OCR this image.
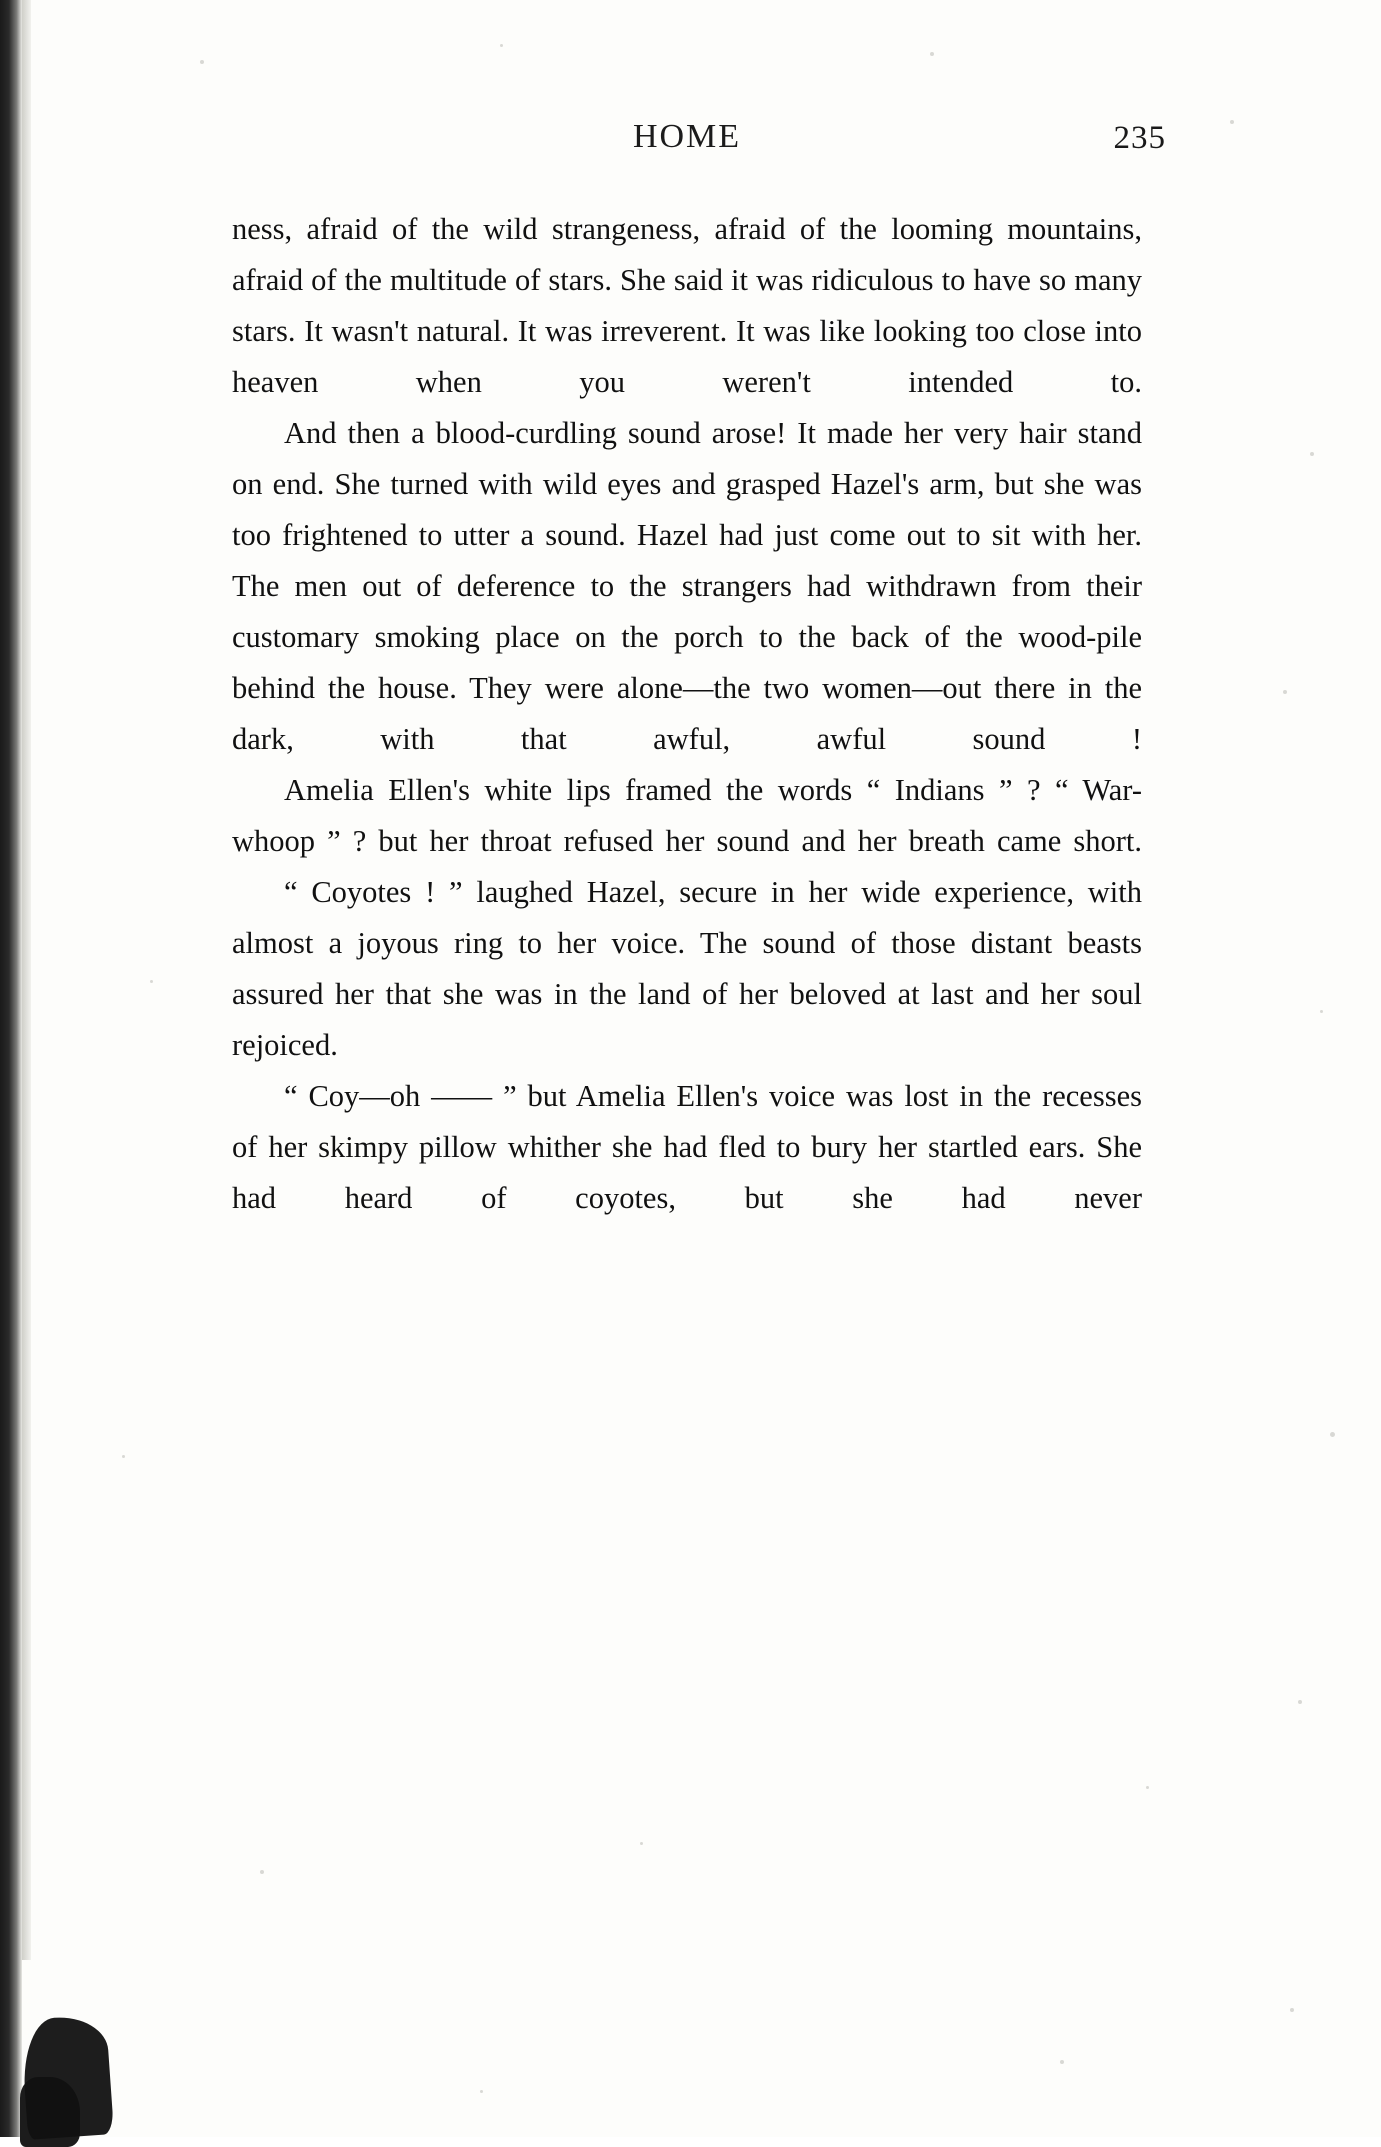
HOME	235

ness, afraid of the wild strangeness, afraid of the looming mountains, afraid of the multitude of stars. She said it was ridiculous to have so many stars. It wasn't natural. It was irreverent. It was like looking too close into heaven when you weren't intended to.

And then a blood-curdling sound arose! It made her very hair stand on end. She turned with wild eyes and grasped Hazel's arm, but she was too frightened to utter a sound. Hazel had just come out to sit with her. The men out of deference to the strangers had withdrawn from their customary smoking place on the porch to the back of the wood-pile behind the house. They were alone—the two women—out there in the dark, with that awful, awful sound !

Amelia Ellen's white lips framed the words “ Indians ” ? “ War-whoop ” ? but her throat refused her sound and her breath came short.

“ Coyotes ! ” laughed Hazel, secure in her wide experience, with almost a joyous ring to her voice. The sound of those distant beasts assured her that she was in the land of her beloved at last and her soul rejoiced.

“ Coy—oh —— ” but Amelia Ellen's voice was lost in the recesses of her skimpy pillow whither she had fled to bury her startled ears. She had heard of coyotes, but she had never
